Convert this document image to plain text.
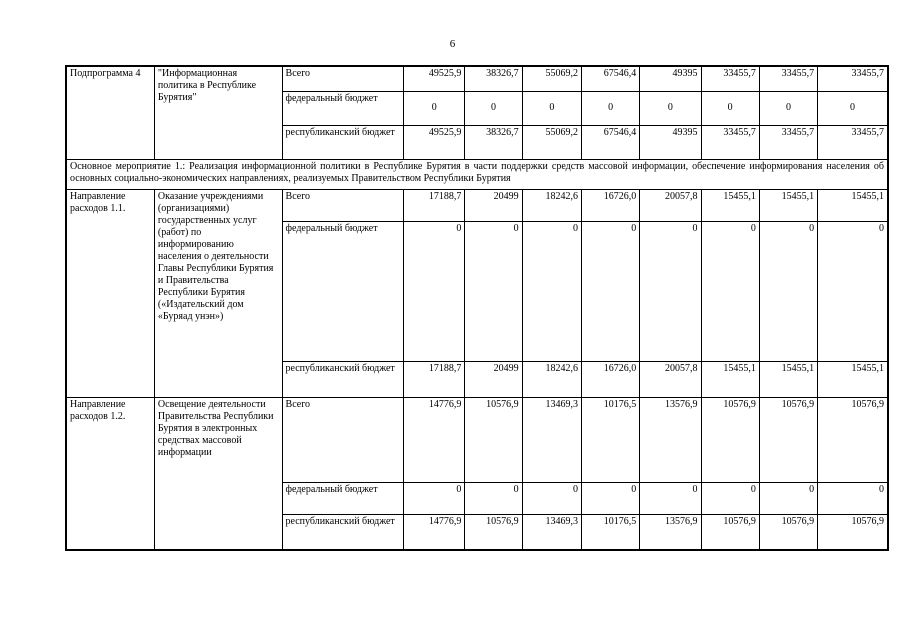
6
Подпрограмма 4	"Информационная политика в Республике Бурятия"	Всего	49525,9	38326,7	55069,2	67546,4	49395	33455,7	33455,7	33455,7
		федеральный бюджет	0	0	0	0	0	0	0	0
		республиканский бюджет	49525,9	38326,7	55069,2	67546,4	49395	33455,7	33455,7	33455,7
Основное мероприятие 1.: Реализация информационной политики в Республике Бурятия в части поддержки средств массовой информации, обеспечение информирования населения об основных социально-экономических направлениях, реализуемых Правительством Республики Бурятия										
Направление расходов 1.1.	Оказание учреждениями (организациями) государственных услуг (работ) по информированию населения о деятельности Главы Республики Бурятия и Правительства Республики Бурятия («Издательский дом «Буряад унэн»)	Всего	17188,7	20499	18242,6	16726,0	20057,8	15455,1	15455,1	15455,1
		федеральный бюджет	0	0	0	0	0	0	0	0
		республиканский бюджет	17188,7	20499	18242,6	16726,0	20057,8	15455,1	15455,1	15455,1
Направление расходов 1.2.	Освещение деятельности Правительства Республики Бурятия в электронных средствах массовой информации	Всего	14776,9	10576,9	13469,3	10176,5	13576,9	10576,9	10576,9	10576,9
		федеральный бюджет	0	0	0	0	0	0	0	0
		республиканский бюджет	14776,9	10576,9	13469,3	10176,5	13576,9	10576,9	10576,9	10576,9
